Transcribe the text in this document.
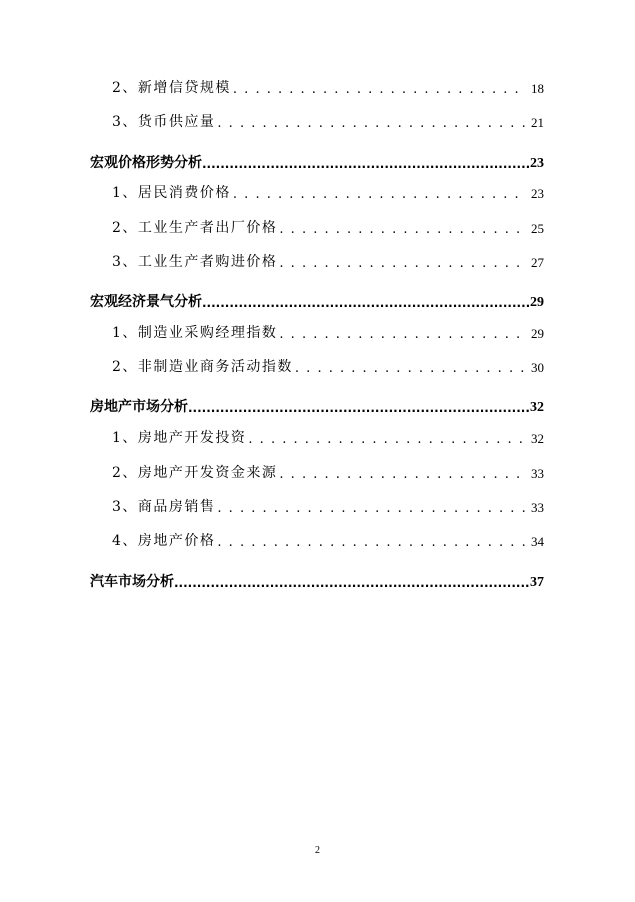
2、新增信贷规模 . . .	18
3、货币供应量 . . .	21
宏观价格形势分析 .....	23
1、居民消费价格 . . .	23
2、工业生产者出厂价格 . . .	25
3、工业生产者购进价格 . . .	27
宏观经济景气分析 .....	29
1、制造业采购经理指数 . . .	29
2、非制造业商务活动指数 . . .	30
房地产市场分析 .....	32
1、房地产开发投资 . . .	32
2、房地产开发资金来源 . . .	33
3、商品房销售 . . .	33
4、房地产价格 . . .	34
汽车市场分析 .....	37
2
